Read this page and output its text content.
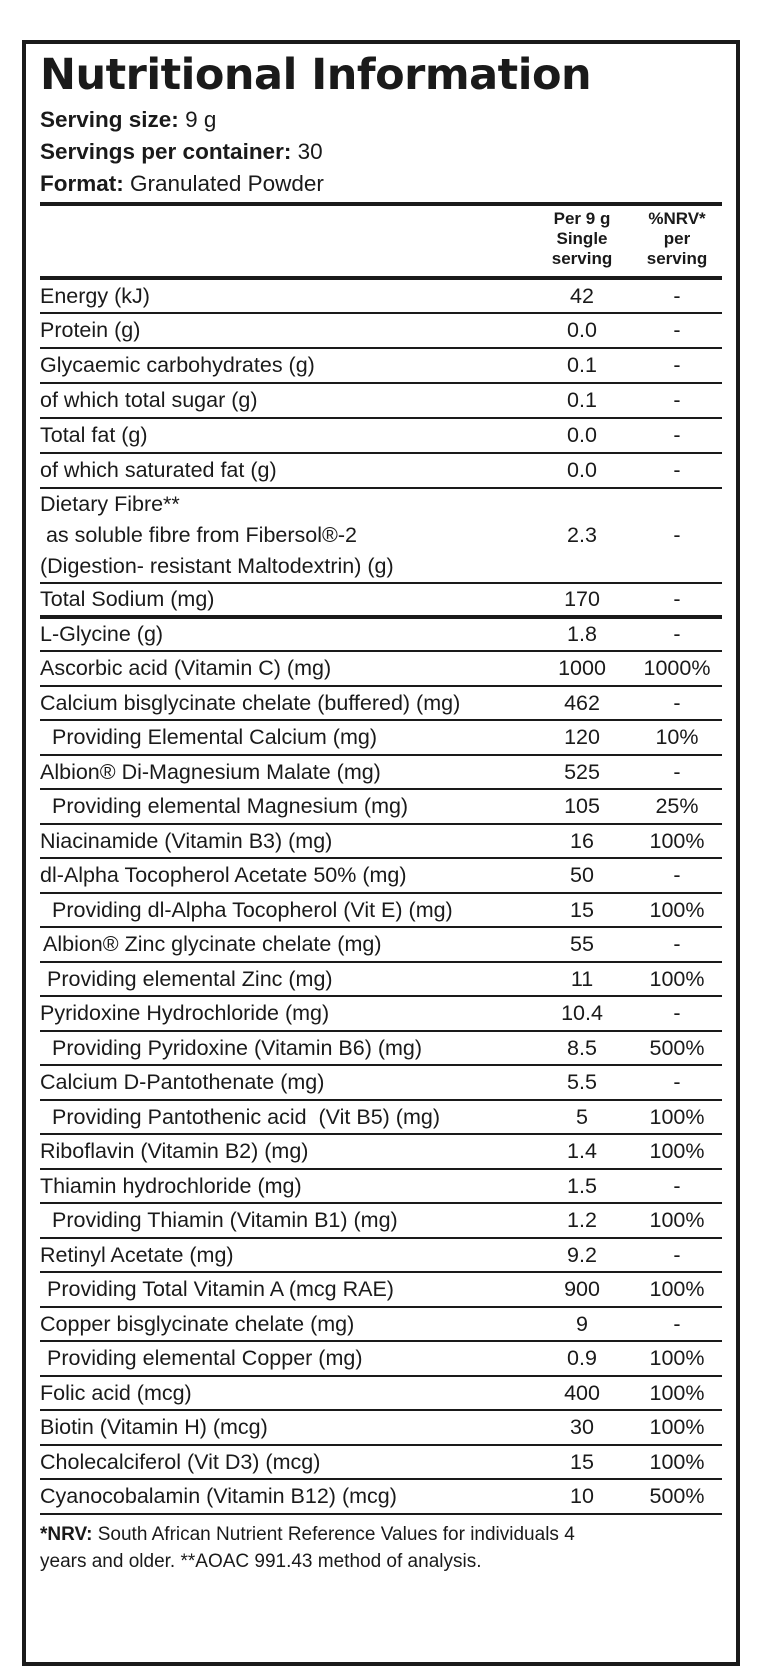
Nutritional Information
Serving size: 9 g
Servings per container: 30
Format: Granulated Powder
Per 9 g
Single
serving
%NRV*
per
serving
Energy (kJ)	42	-
Protein (g)	0.0	-
Glycaemic carbohydrates (g)	0.1	-
of which total sugar (g)	0.1	-
Total fat (g)	0.0	-
of which saturated fat (g)	0.0	-
Dietary Fibre**
as soluble fibre from Fibersol®-2
(Digestion- resistant Maltodextrin) (g)
2.3	-
Total Sodium (mg)	170	-
L-Glycine (g)	1.8	-
Ascorbic acid (Vitamin C) (mg)	1000	1000%
Calcium bisglycinate chelate (buffered) (mg)	462	-
Providing Elemental Calcium (mg)	120	10%
Albion® Di-Magnesium Malate (mg)	525	-
Providing elemental Magnesium (mg)	105	25%
Niacinamide (Vitamin B3) (mg)	16	100%
dl-Alpha Tocopherol Acetate 50% (mg)	50	-
Providing dl-Alpha Tocopherol (Vit E) (mg)	15	100%
Albion® Zinc glycinate chelate (mg)	55	-
Providing elemental Zinc (mg)	11	100%
Pyridoxine Hydrochloride (mg)	10.4	-
Providing Pyridoxine (Vitamin B6) (mg)	8.5	500%
Calcium D-Pantothenate (mg)	5.5	-
Providing Pantothenic acid  (Vit B5) (mg)	5	100%
Riboflavin (Vitamin B2) (mg)	1.4	100%
Thiamin hydrochloride (mg)	1.5	-
Providing Thiamin (Vitamin B1) (mg)	1.2	100%
Retinyl Acetate (mg)	9.2	-
Providing Total Vitamin A (mcg RAE)	900	100%
Copper bisglycinate chelate (mg)	9	-
Providing elemental Copper (mg)	0.9	100%
Folic acid (mcg)	400	100%
Biotin (Vitamin H) (mcg)	30	100%
Cholecalciferol (Vit D3) (mcg)	15	100%
Cyanocobalamin (Vitamin B12) (mcg)	10	500%
*NRV: South African Nutrient Reference Values for individuals 4
years and older. **AOAC 991.43 method of analysis.
